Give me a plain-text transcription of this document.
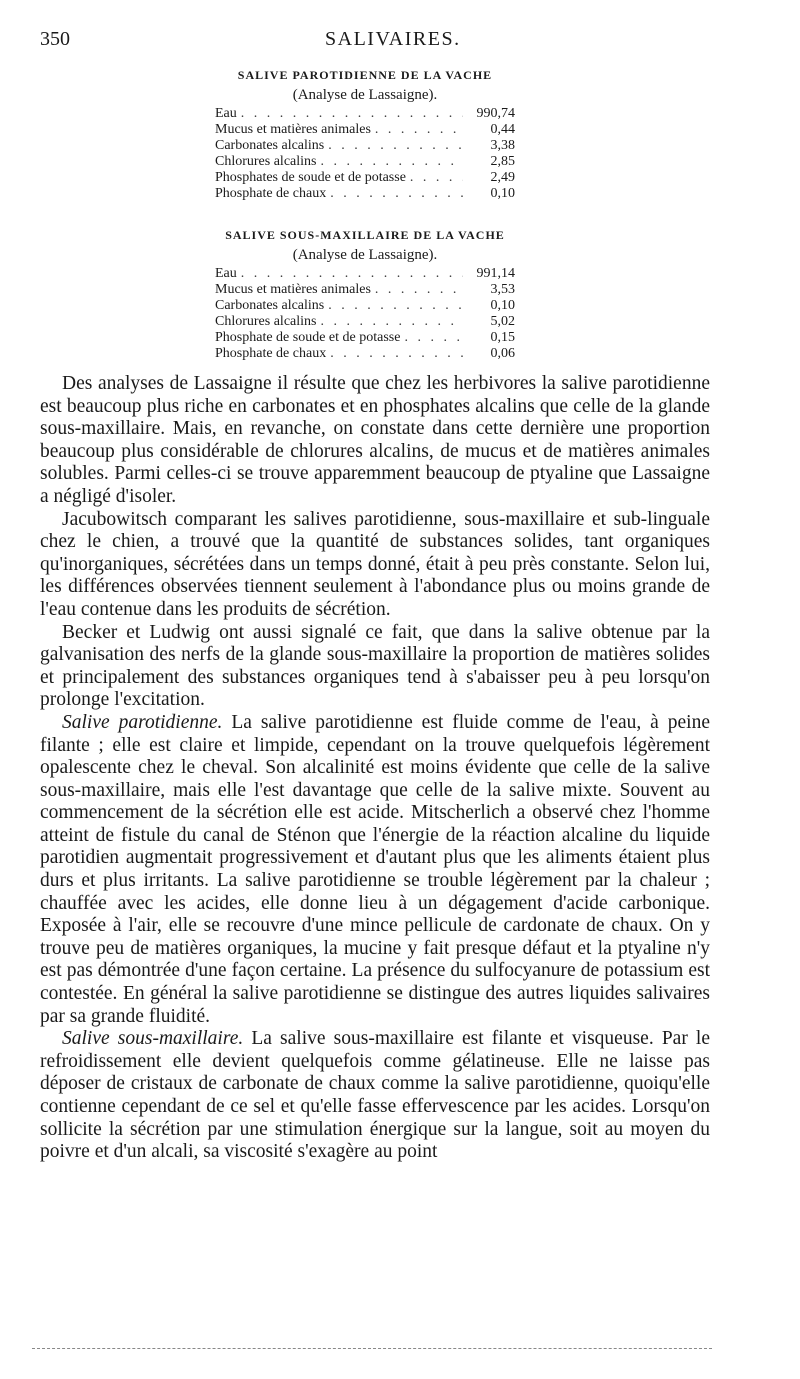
350	SALIVAIRES.
SALIVE PAROTIDIENNE DE LA VACHE
(Analyse de Lassaigne).
Eau . . .	990,74
Mucus et matières animales . . .	0,44
Carbonates alcalins . . .	3,38
Chlorures alcalins . . .	2,85
Phosphates de soude et de potasse . . .	2,49
Phosphate de chaux . . .	0,10
SALIVE SOUS-MAXILLAIRE DE LA VACHE
(Analyse de Lassaigne).
Eau . . .	991,14
Mucus et matières animales . . .	3,53
Carbonates alcalins . . .	0,10
Chlorures alcalins . . .	5,02
Phosphate de soude et de potasse . . .	0,15
Phosphate de chaux . . .	0,06

Des analyses de Lassaigne il résulte que chez les herbivores la salive parotidienne est beaucoup plus riche en carbonates et en phosphates alcalins que celle de la glande sous-maxillaire. Mais, en revanche, on constate dans cette dernière une proportion beaucoup plus considérable de chlorures alcalins, de mucus et de matières animales solubles. Parmi celles-ci se trouve apparemment beaucoup de ptyaline que Lassaigne a négligé d'isoler.

Jacubowitsch comparant les salives parotidienne, sous-maxillaire et sub-linguale chez le chien, a trouvé que la quantité de substances solides, tant organiques qu'inorganiques, sécrétées dans un temps donné, était à peu près constante. Selon lui, les différences observées tiennent seulement à l'abondance plus ou moins grande de l'eau contenue dans les produits de sécrétion.

Becker et Ludwig ont aussi signalé ce fait, que dans la salive obtenue par la galvanisation des nerfs de la glande sous-maxillaire la proportion de matières solides et principalement des substances organiques tend à s'abaisser peu à peu lorsqu'on prolonge l'excitation.

Salive parotidienne. La salive parotidienne est fluide comme de l'eau, à peine filante ; elle est claire et limpide, cependant on la trouve quelquefois légèrement opalescente chez le cheval. Son alcalinité est moins évidente que celle de la salive sous-maxillaire, mais elle l'est davantage que celle de la salive mixte. Souvent au commencement de la sécrétion elle est acide. Mitscherlich a observé chez l'homme atteint de fistule du canal de Sténon que l'énergie de la réaction alcaline du liquide parotidien augmentait progressivement et d'autant plus que les aliments étaient plus durs et plus irritants. La salive parotidienne se trouble légèrement par la chaleur ; chauffée avec les acides, elle donne lieu à un dégagement d'acide carbonique. Exposée à l'air, elle se recouvre d'une mince pellicule de cardonate de chaux. On y trouve peu de matières organiques, la mucine y fait presque défaut et la ptyaline n'y est pas démontrée d'une façon certaine. La présence du sulfocyanure de potassium est contestée. En général la salive parotidienne se distingue des autres liquides salivaires par sa grande fluidité.

Salive sous-maxillaire. La salive sous-maxillaire est filante et visqueuse. Par le refroidissement elle devient quelquefois comme gélatineuse. Elle ne laisse pas déposer de cristaux de carbonate de chaux comme la salive parotidienne, quoiqu'elle contienne cependant de ce sel et qu'elle fasse effervescence par les acides. Lorsqu'on sollicite la sécrétion par une stimulation énergique sur la langue, soit au moyen du poivre et d'un alcali, sa viscosité s'exagère au point
